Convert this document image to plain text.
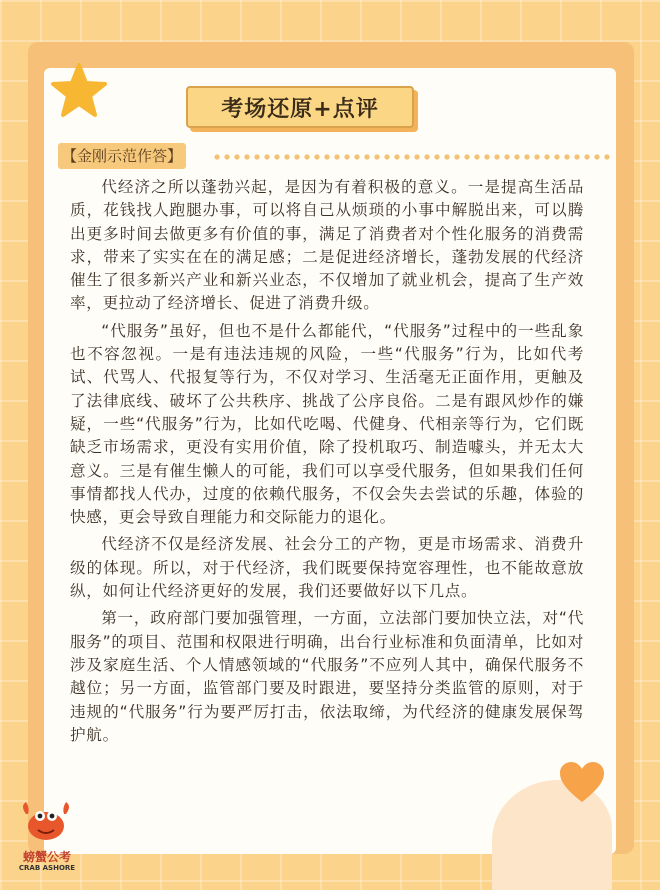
考场还原+点评
【金刚示范作答】

代经济之所以蓬勃兴起，是因为有着积极的意义。一是提高生活品质，花钱找人跑腿办事，可以将自己从烦琐的小事中解脱出来，可以腾出更多时间去做更多有价值的事，满足了消费者对个性化服务的消费需求，带来了实实在在的满足感；二是促进经济增长，蓬勃发展的代经济催生了很多新兴产业和新兴业态，不仅增加了就业机会，提高了生产效率，更拉动了经济增长、促进了消费升级。

“代服务”虽好，但也不是什么都能代，“代服务”过程中的一些乱象也不容忽视。一是有违法违规的风险，一些“代服务”行为，比如代考试、代骂人、代报复等行为，不仅对学习、生活毫无正面作用，更触及了法律底线、破坏了公共秩序、挑战了公序良俗。二是有跟风炒作的嫌疑，一些“代服务”行为，比如代吃喝、代健身、代相亲等行为，它们既缺乏市场需求，更没有实用价值，除了投机取巧、制造噱头，并无太大意义。三是有催生懒人的可能，我们可以享受代服务，但如果我们任何事情都找人代办，过度的依赖代服务，不仅会失去尝试的乐趣，体验的快感，更会导致自理能力和交际能力的退化。

代经济不仅是经济发展、社会分工的产物，更是市场需求、消费升级的体现。所以，对于代经济，我们既要保持宽容理性，也不能故意放纵，如何让代经济更好的发展，我们还要做好以下几点。

第一，政府部门要加强管理，一方面，立法部门要加快立法，对“代服务”的项目、范围和权限进行明确，出台行业标准和负面清单，比如对涉及家庭生活、个人情感领域的“代服务”不应列人其中，确保代服务不越位；另一方面，监管部门要及时跟进，要坚持分类监管的原则，对于违规的“代服务”行为要严厉打击，依法取缔，为代经济的健康发展保驾护航。

螃蟹公考
CRAB ASHORE
